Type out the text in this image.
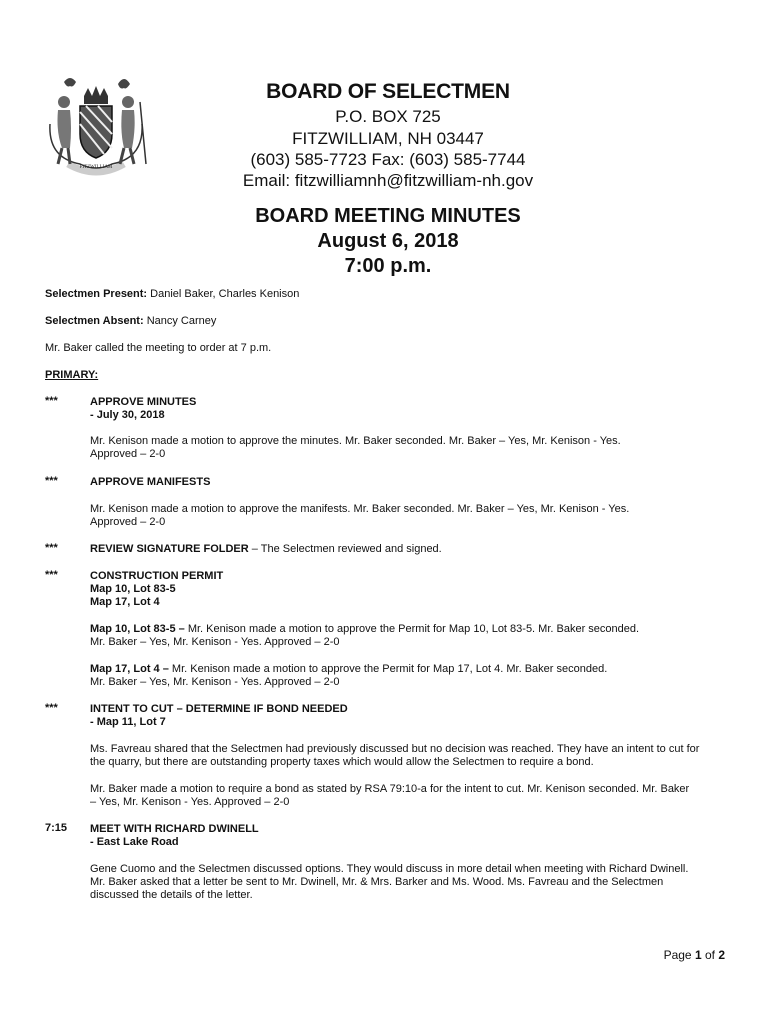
FITZWILLIAM
BOARD OF SELECTMEN
P.O. BOX 725
FITZWILLIAM, NH 03447
(603) 585-7723 Fax: (603) 585-7744
Email: fitzwilliamnh@fitzwilliam-nh.gov
BOARD MEETING MINUTES
August 6, 2018
7:00 p.m.
Selectmen Present: Daniel Baker, Charles Kenison
Selectmen Absent: Nancy Carney
Mr. Baker called the meeting to order at 7 p.m.
PRIMARY:
***	APPROVE MINUTES
- July 30, 2018
Mr. Kenison made a motion to approve the minutes. Mr. Baker seconded. Mr. Baker – Yes, Mr. Kenison - Yes.
Approved – 2-0
***	APPROVE MANIFESTS
Mr. Kenison made a motion to approve the manifests. Mr. Baker seconded. Mr. Baker – Yes, Mr. Kenison - Yes.
Approved – 2-0
***	REVIEW SIGNATURE FOLDER – The Selectmen reviewed and signed.
***	CONSTRUCTION PERMIT
Map 10, Lot 83-5
Map 17, Lot 4
Map 10, Lot 83-5 – Mr. Kenison made a motion to approve the Permit for Map 10, Lot 83-5. Mr. Baker seconded.
Mr. Baker – Yes, Mr. Kenison - Yes. Approved – 2-0
Map 17, Lot 4 – Mr. Kenison made a motion to approve the Permit for Map 17, Lot 4. Mr. Baker seconded.
Mr. Baker – Yes, Mr. Kenison - Yes. Approved – 2-0
***	INTENT TO CUT – DETERMINE IF BOND NEEDED
- Map 11, Lot 7
Ms. Favreau shared that the Selectmen had previously discussed but no decision was reached. They have an intent to cut for
the quarry, but there are outstanding property taxes which would allow the Selectmen to require a bond.
Mr. Baker made a motion to require a bond as stated by RSA 79:10-a for the intent to cut. Mr. Kenison seconded. Mr. Baker
– Yes, Mr. Kenison - Yes. Approved – 2-0
7:15 MEET WITH RICHARD DWINELL
- East Lake Road
Gene Cuomo and the Selectmen discussed options. They would discuss in more detail when meeting with Richard Dwinell.
Mr. Baker asked that a letter be sent to Mr. Dwinell, Mr. & Mrs. Barker and Ms. Wood. Ms. Favreau and the Selectmen
discussed the details of the letter.
Page 1 of 2
